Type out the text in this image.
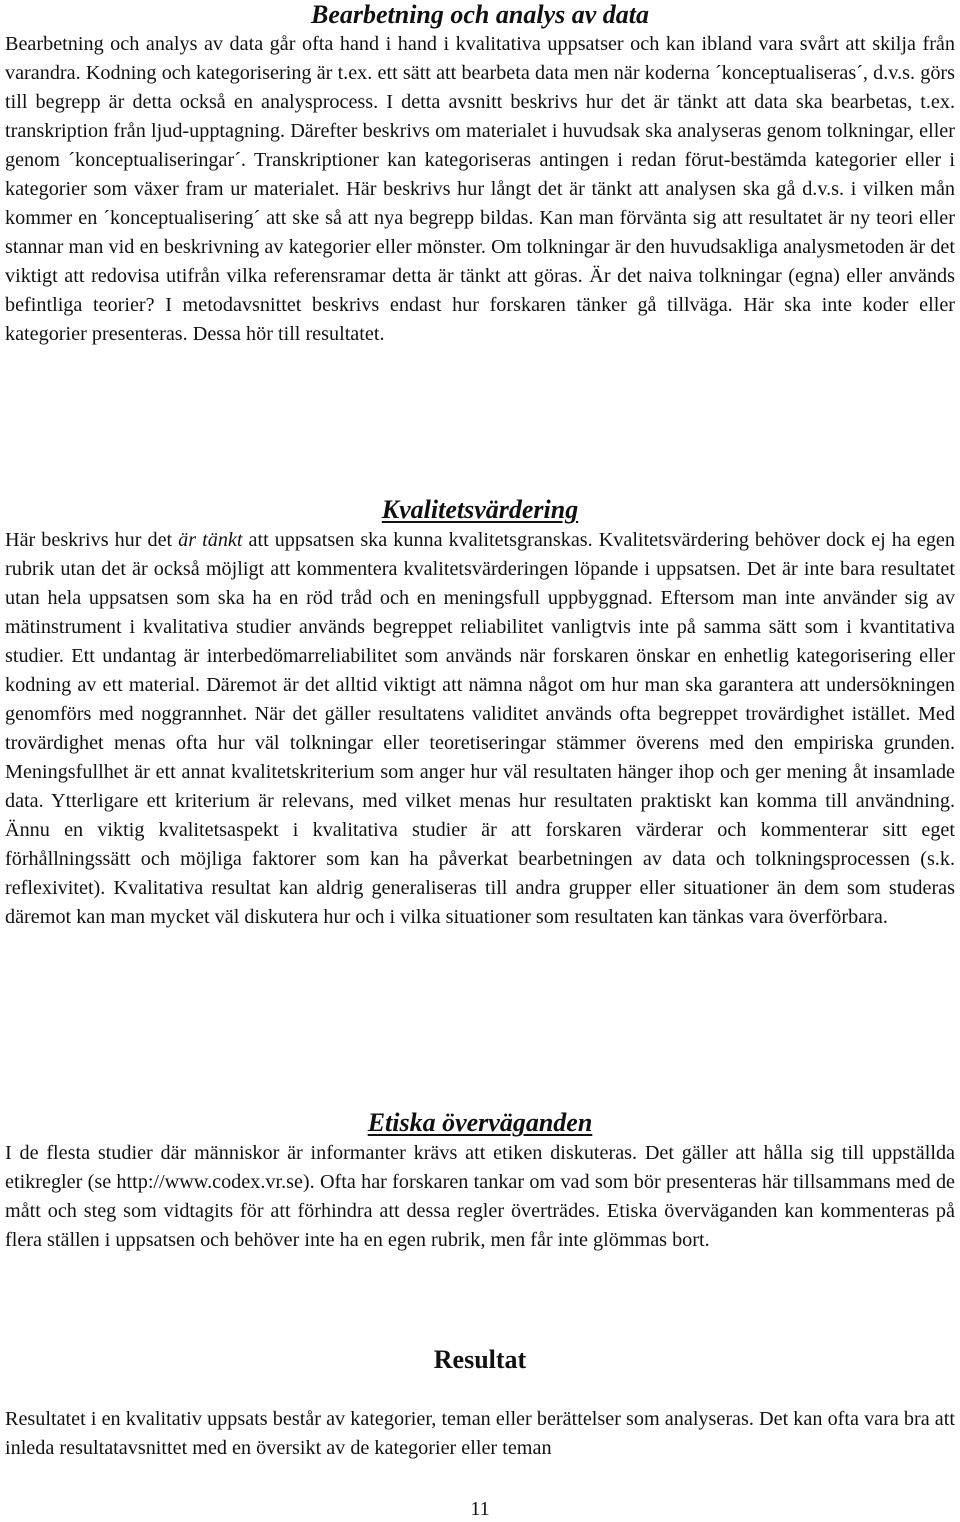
Bearbetning och analys av data

Bearbetning och analys av data går ofta hand i hand i kvalitativa uppsatser och kan ibland vara svårt att skilja från varandra. Kodning och kategorisering är t.ex. ett sätt att bearbeta data men när koderna ´konceptualiseras´, d.v.s. görs till begrepp är detta också en analysprocess. I detta avsnitt beskrivs hur det är tänkt att data ska bearbetas, t.ex. transkription från ljud-upptagning. Därefter beskrivs om materialet i huvudsak ska analyseras genom tolkningar, eller genom ´konceptualiseringar´. Transkriptioner kan kategoriseras antingen i redan förut-bestämda kategorier eller i kategorier som växer fram ur materialet. Här beskrivs hur långt det är tänkt att analysen ska gå d.v.s. i vilken mån kommer en ´konceptualisering´ att ske så att nya begrepp bildas. Kan man förvänta sig att resultatet är ny teori eller stannar man vid en beskrivning av kategorier eller mönster. Om tolkningar är den huvudsakliga analysmetoden är det viktigt att redovisa utifrån vilka referensramar detta är tänkt att göras. Är det naiva tolkningar (egna) eller används befintliga teorier? I metodavsnittet beskrivs endast hur forskaren tänker gå tillväga. Här ska inte koder eller kategorier presenteras. Dessa hör till resultatet.

Kvalitetsvärdering

Här beskrivs hur det är tänkt att uppsatsen ska kunna kvalitetsgranskas. Kvalitetsvärdering behöver dock ej ha egen rubrik utan det är också möjligt att kommentera kvalitetsvärderingen löpande i uppsatsen. Det är inte bara resultatet utan hela uppsatsen som ska ha en röd tråd och en meningsfull uppbyggnad. Eftersom man inte använder sig av mätinstrument i kvalitativa studier används begreppet reliabilitet vanligtvis inte på samma sätt som i kvantitativa studier. Ett undantag är interbedömarreliabilitet som används när forskaren önskar en enhetlig kategorisering eller kodning av ett material. Däremot är det alltid viktigt att nämna något om hur man ska garantera att undersökningen genomförs med noggrannhet. När det gäller resultatens validitet används ofta begreppet trovärdighet istället. Med trovärdighet menas ofta hur väl tolkningar eller teoretiseringar stämmer överens med den empiriska grunden. Meningsfullhet är ett annat kvalitetskriterium som anger hur väl resultaten hänger ihop och ger mening åt insamlade data. Ytterligare ett kriterium är relevans, med vilket menas hur resultaten praktiskt kan komma till användning. Ännu en viktig kvalitetsaspekt i kvalitativa studier är att forskaren värderar och kommenterar sitt eget förhållningssätt och möjliga faktorer som kan ha påverkat bearbetningen av data och tolkningsprocessen (s.k. reflexivitet). Kvalitativa resultat kan aldrig generaliseras till andra grupper eller situationer än dem som studeras däremot kan man mycket väl diskutera hur och i vilka situationer som resultaten kan tänkas vara överförbara.

Etiska överväganden

I de flesta studier där människor är informanter krävs att etiken diskuteras. Det gäller att hålla sig till uppställda etikregler (se http://www.codex.vr.se). Ofta har forskaren tankar om vad som bör presenteras här tillsammans med de mått och steg som vidtagits för att förhindra att dessa regler överträdes. Etiska överväganden kan kommenteras på flera ställen i uppsatsen och behöver inte ha en egen rubrik, men får inte glömmas bort.

Resultat

Resultatet i en kvalitativ uppsats består av kategorier, teman eller berättelser som analyseras. Det kan ofta vara bra att inleda resultatavsnittet med en översikt av de kategorier eller teman

11
